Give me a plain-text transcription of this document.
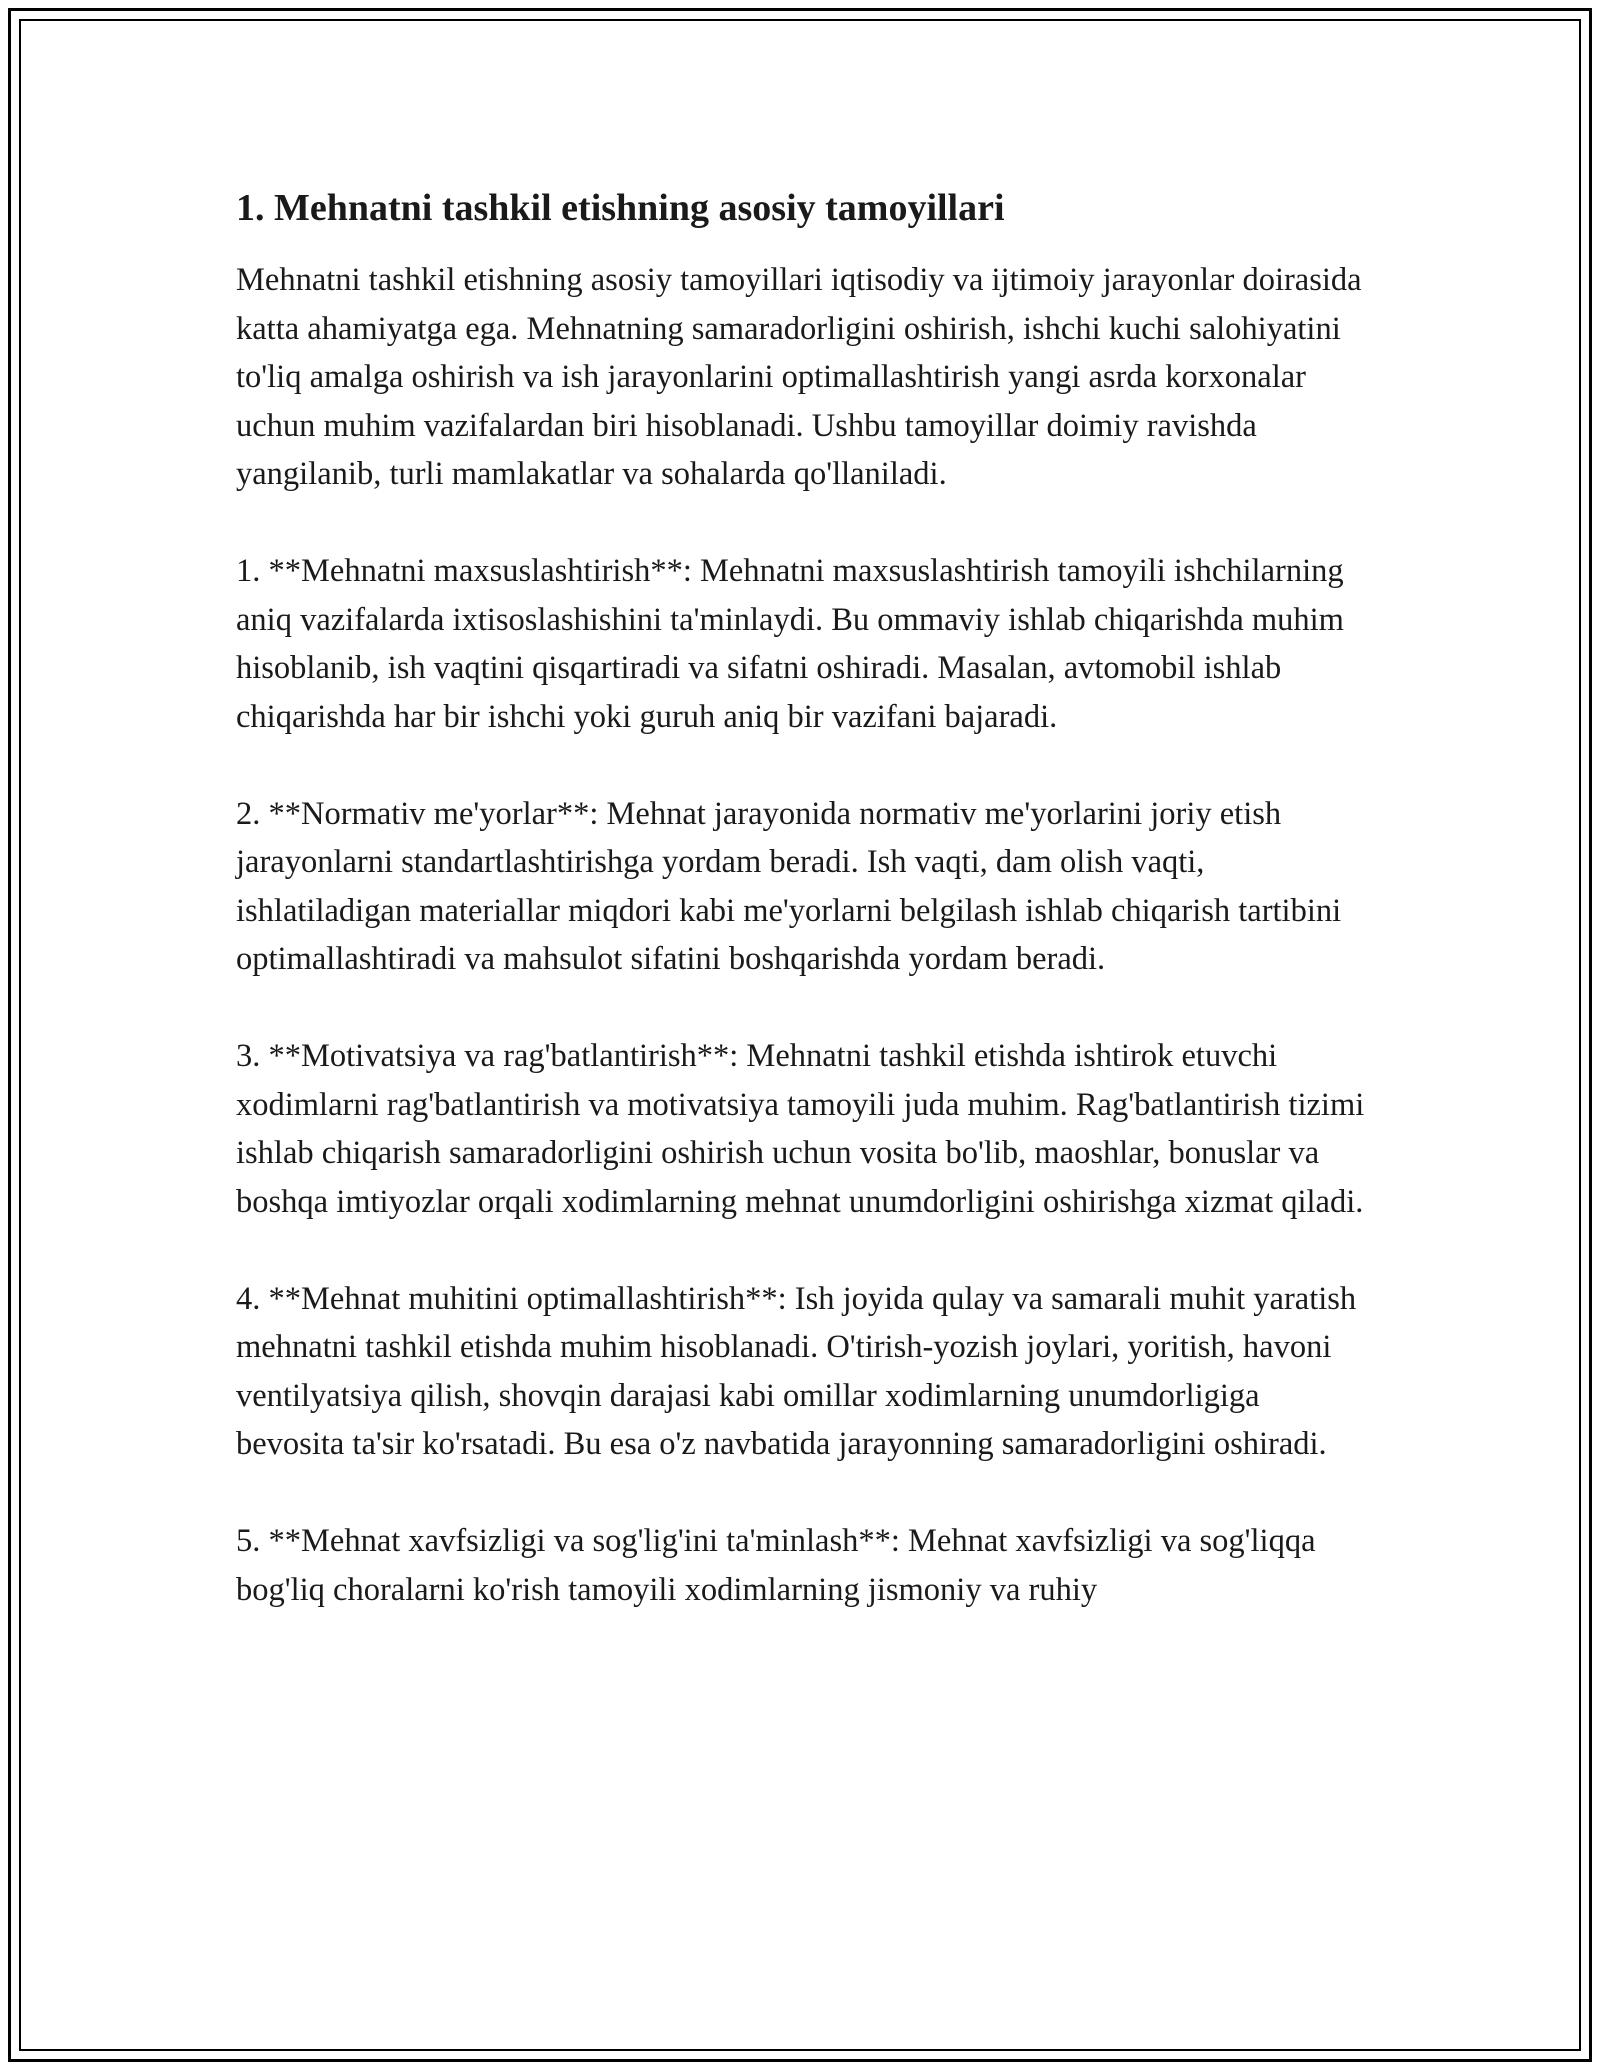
1. Mehnatni tashkil etishning asosiy tamoyillari

Mehnatni tashkil etishning asosiy tamoyillari iqtisodiy va ijtimoiy jarayonlar doirasida katta ahamiyatga ega. Mehnatning samaradorligini oshirish, ishchi kuchi salohiyatini to'liq amalga oshirish va ish jarayonlarini optimallashtirish yangi asrda korxonalar uchun muhim vazifalardan biri hisoblanadi. Ushbu tamoyillar doimiy ravishda yangilanib, turli mamlakatlar va sohalarda qo'llaniladi.

1. **Mehnatni maxsuslashtirish**: Mehnatni maxsuslashtirish tamoyili ishchilarning aniq vazifalarda ixtisoslashishini ta'minlaydi. Bu ommaviy ishlab chiqarishda muhim hisoblanib, ish vaqtini qisqartiradi va sifatni oshiradi. Masalan, avtomobil ishlab chiqarishda har bir ishchi yoki guruh aniq bir vazifani bajaradi.

2. **Normativ me'yorlar**: Mehnat jarayonida normativ me'yorlarini joriy etish jarayonlarni standartlashtirishga yordam beradi. Ish vaqti, dam olish vaqti, ishlatiladigan materiallar miqdori kabi me'yorlarni belgilash ishlab chiqarish tartibini optimallashtiradi va mahsulot sifatini boshqarishda yordam beradi.

3. **Motivatsiya va rag'batlantirish**: Mehnatni tashkil etishda ishtirok etuvchi xodimlarni rag'batlantirish va motivatsiya tamoyili juda muhim. Rag'batlantirish tizimi ishlab chiqarish samaradorligini oshirish uchun vosita bo'lib, maoshlar, bonuslar va boshqa imtiyozlar orqali xodimlarning mehnat unumdorligini oshirishga xizmat qiladi.

4. **Mehnat muhitini optimallashtirish**: Ish joyida qulay va samarali muhit yaratish mehnatni tashkil etishda muhim hisoblanadi. O'tirish-yozish joylari, yoritish, havoni ventilyatsiya qilish, shovqin darajasi kabi omillar xodimlarning unumdorligiga bevosita ta'sir ko'rsatadi. Bu esa o'z navbatida jarayonning samaradorligini oshiradi.

5. **Mehnat xavfsizligi va sog'lig'ini ta'minlash**: Mehnat xavfsizligi va sog'liqqa bog'liq choralarni ko'rish tamoyili xodimlarning jismoniy va ruhiy
